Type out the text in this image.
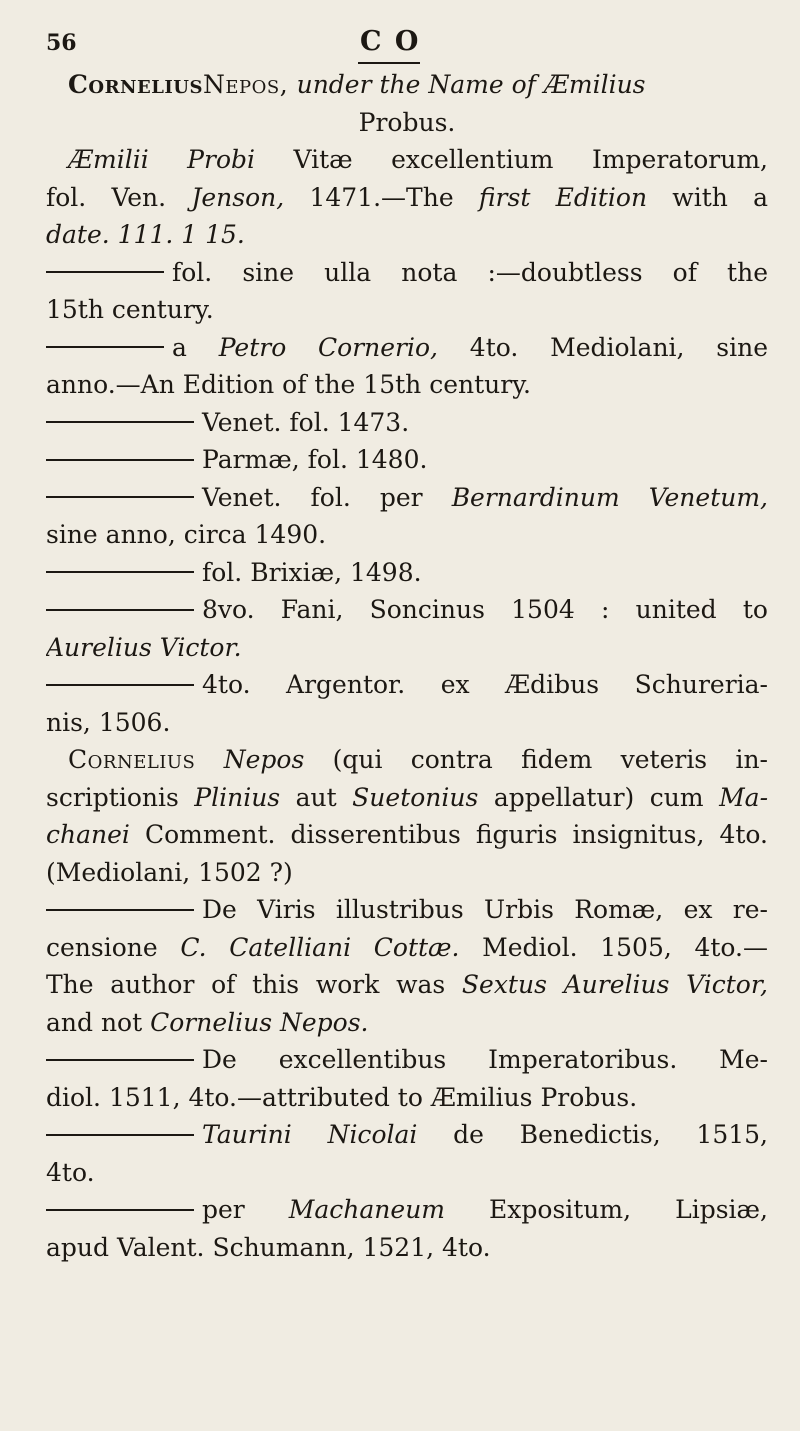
56	C O
CorneliusNepos, under the Name of Æmilius
Probus.
Æmilii Probi Vitæ excellentium Imperatorum,
fol. Ven. Jenson, 1471.—The first Edition with a
date. 111. 1 15.
fol. sine ulla nota :—doubtless of the
15th century.
a Petro Cornerio, 4to. Mediolani, sine
anno.—An Edition of the 15th century.
Venet. fol. 1473.
Parmæ, fol. 1480.
Venet. fol. per Bernardinum Venetum,
sine anno, circa 1490.
fol. Brixiæ, 1498.
8vo. Fani, Soncinus 1504 : united to
Aurelius Victor.
4to. Argentor. ex Ædibus Schureria-
nis, 1506.
Cornelius Nepos (qui contra fidem veteris in-
scriptionis Plinius aut Suetonius appellatur) cum Ma-
chanei Comment. disserentibus figuris insignitus, 4to.
(Mediolani, 1502 ?)
De Viris illustribus Urbis Romæ, ex re-
censione C. Catelliani Cottæ. Mediol. 1505, 4to.—
The author of this work was Sextus Aurelius Victor,
and not Cornelius Nepos.
De excellentibus Imperatoribus. Me-
diol. 1511, 4to.—attributed to Æmilius Probus.
Taurini Nicolai de Benedictis, 1515,
4to.
per Machaneum Expositum, Lipsiæ,
apud Valent. Schumann, 1521, 4to.
